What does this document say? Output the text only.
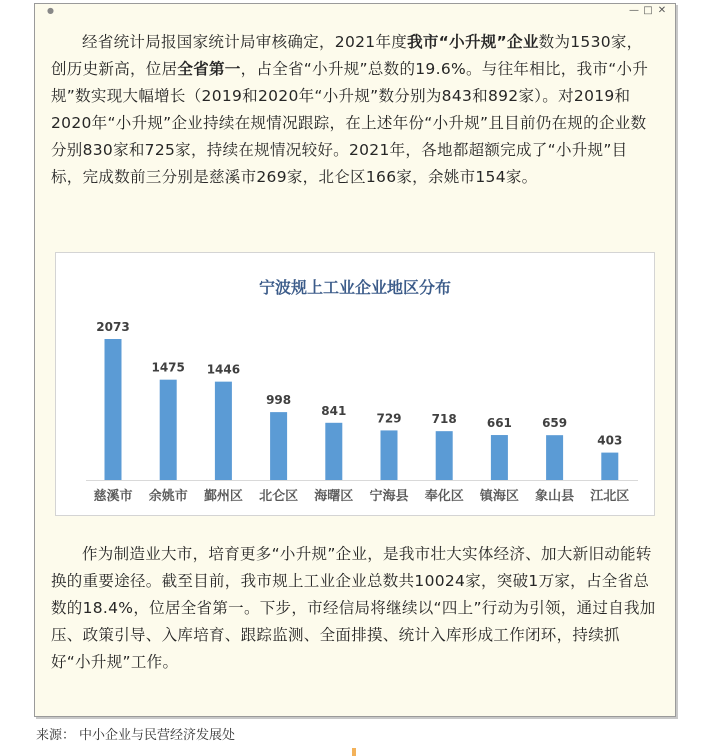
●	— □ ✕

经省统计局报国家统计局审核确定，2021年度我市“小升规”企业数为1530家，创历史新高，位居全省第一，占全省“小升规”总数的19.6%。与往年相比，我市“小升规”数实现大幅增长（2019和2020年“小升规”数分别为843和892家）。对2019和2020年“小升规”企业持续在规情况跟踪，在上述年份“小升规”且目前仍在规的企业数分别830家和725家，持续在规情况较好。2021年，各地都超额完成了“小升规”目标，完成数前三分别是慈溪市269家，北仑区166家，余姚市154家。

2073
慈溪市
1475
余姚市
1446
鄞州区
998
北仑区
841
海曙区
729
宁海县
718
奉化区
661
镇海区
659
象山县
403
江北区
宁波规上工业企业地区分布

作为制造业大市，培育更多“小升规”企业，是我市壮大实体经济、加大新旧动能转换的重要途径。截至目前，我市规上工业企业总数共10024家，突破1万家，占全省总数的18.4%，位居全省第一。下步，市经信局将继续以“四上”行动为引领，通过自我加压、政策引导、入库培育、跟踪监测、全面排摸、统计入库形成工作闭环，持续抓好“小升规”工作。

来源： 中小企业与民营经济发展处
